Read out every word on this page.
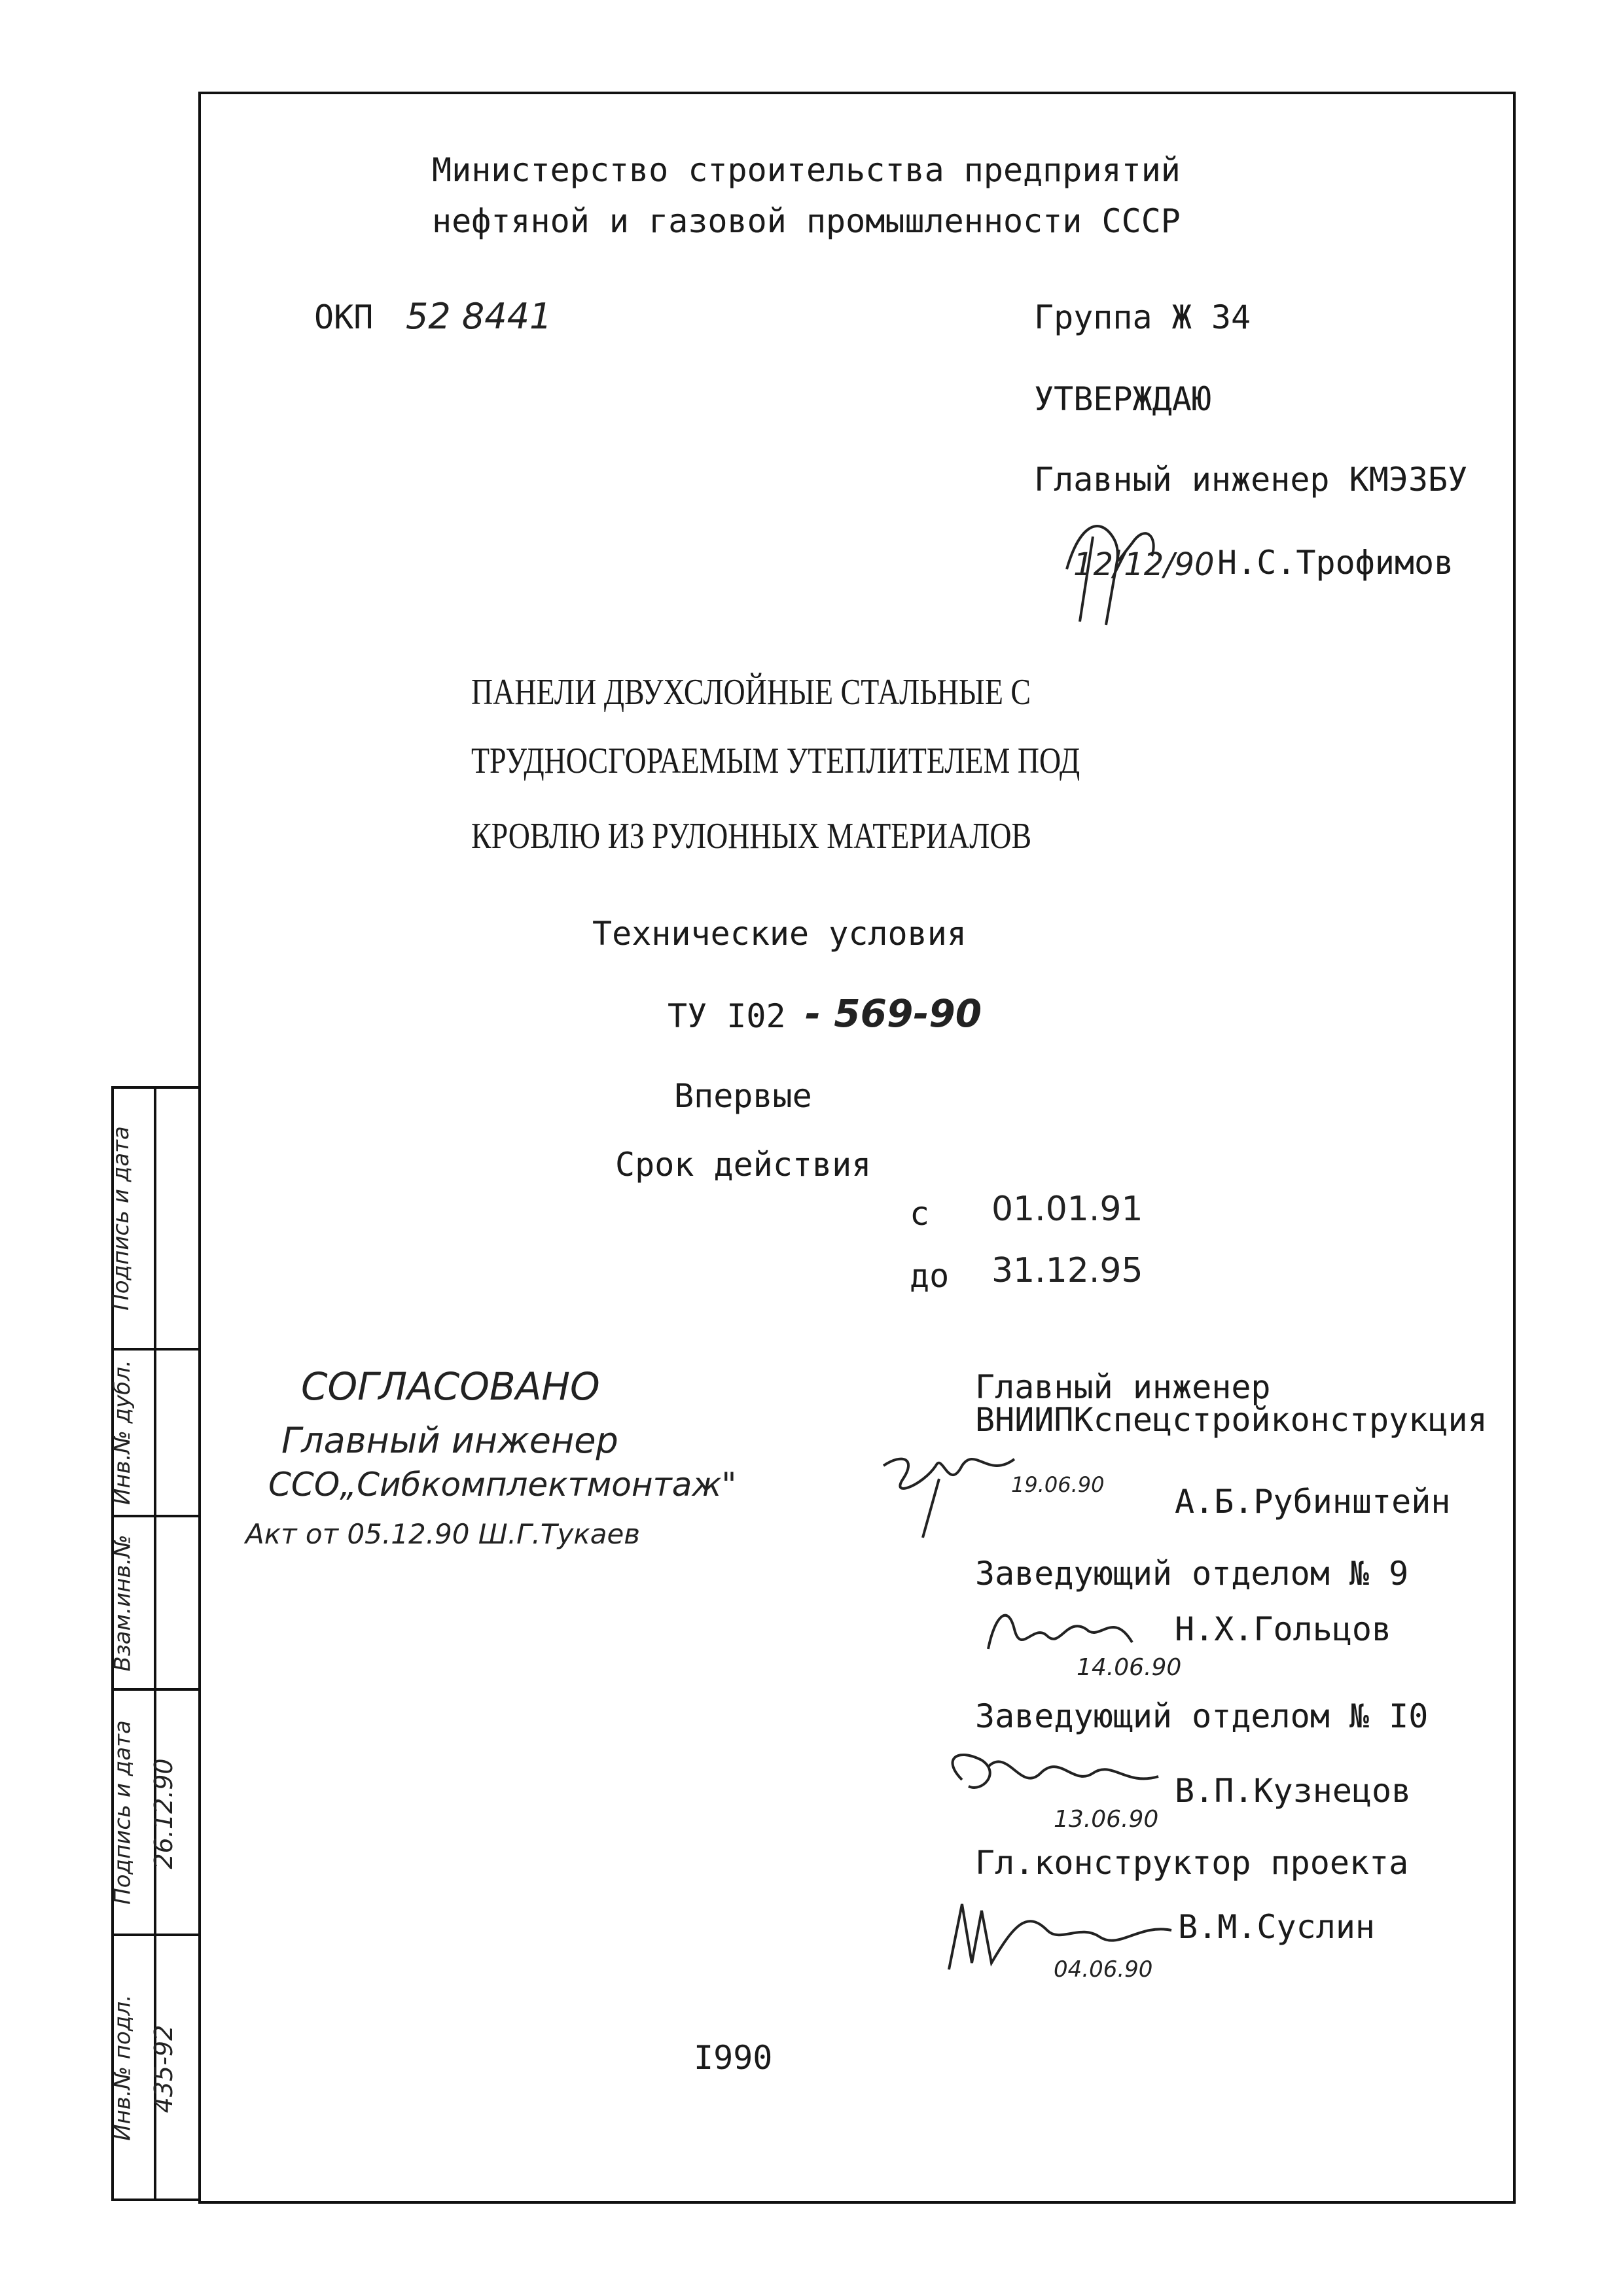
Подпись и дата
Инв.№ дубл.
Взам.инв.№
Подпись и дата
Инв.№ подл.
26.12.90
435-92
Министерство строительства предприятий
нефтяной и газовой промышленности СССР
ОКП 52 8441	Группа Ж 34
УТВЕРЖДАЮ
Главный инженер КМЭЗБУ
12/12/90 Н.С.Трофимов
ПАНЕЛИ ДВУХСЛОЙНЫЕ СТАЛЬНЫЕ С
ТРУДНОСГОРАЕМЫМ УТЕПЛИТЕЛЕМ ПОД
КРОВЛЮ ИЗ РУЛОННЫХ МАТЕРИАЛОВ
Технические условия
ТУ I02 - 569-90
Впервые
Срок действия
с 01.01.91
до 31.12.95
СОГЛАСОВАНО
Главный инженер
ССО„Сибкомплектмонтаж"
Акт от 05.12.90 Ш.Г.Тукаев
Главный инженер
ВНИИПКспецстройконструкция
19.06.90 А.Б.Рубинштейн
Заведующий отделом № 9
14.06.90
Н.Х.Гольцов
Заведующий отделом № I0
13.06.90
В.П.Кузнецов
Гл.конструктор проекта
04.06.90
В.М.Суслин
I990
